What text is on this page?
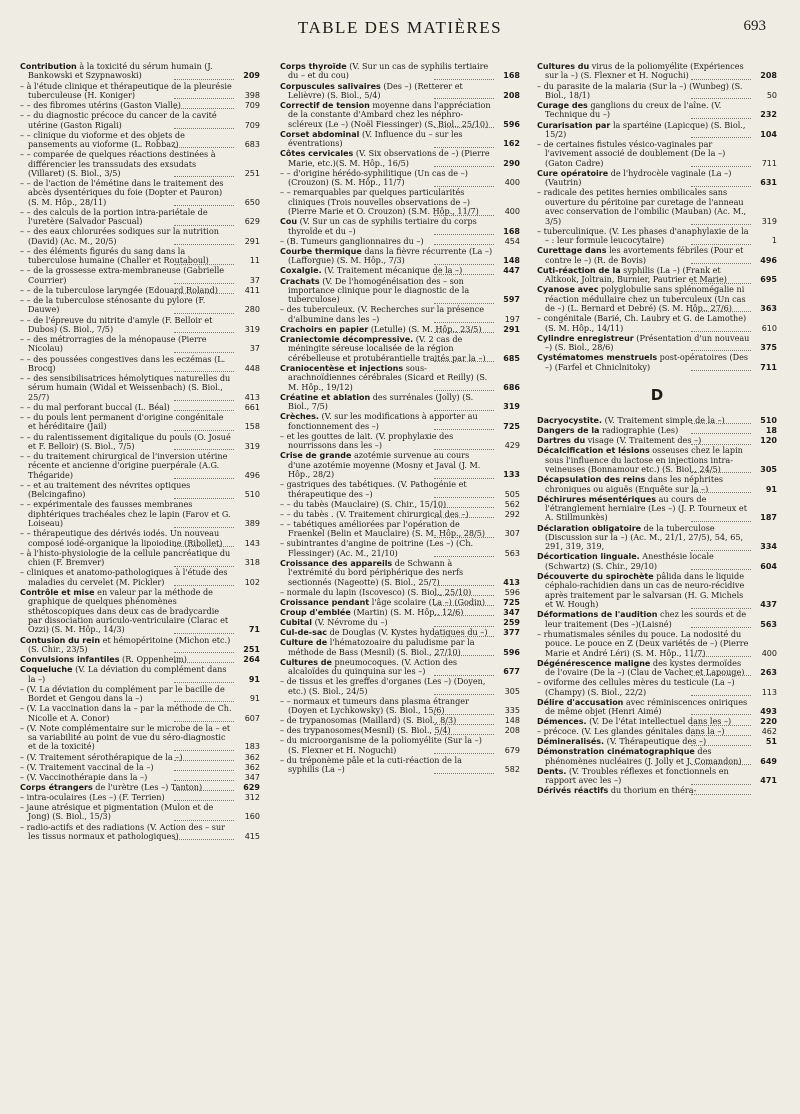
TABLE DES MATIÈRES	693
Contribution à la toxicité du sérum humain (J. Bankowski et Szypnawoski)	209
– à l'étude clinique et thérapeutique de la pleurésie tuberculeuse (H. Koniger)	398
– – des fibromes utérins (Gaston Vialle)	709
– – du diagnostic précoce du cancer de la cavité utérine (Gaston Rigali)	709
– – clinique du vioforme et des objets de pansements au vioforme (L. Robbaz)	683
– – comparée de quelques réactions destinées à différencier les transsudats des exsudats (Villaret) (S. Biol., 3/5)	251
– – de l'action de l'émétine dans le traitement des abcès dysentériques du foie (Dopter et Pauron) (S. M. Hôp., 28/11)	650
– – des calculs de la portion intra-pariétale de l'uretère (Salvador Pascual)	629
– – des eaux chlorurées sodiques sur la nutrition (David) (Ac. M., 20/5)	291
– – des éléments figurés du sang dans la tuberculose humaine (Challer et Routaboul)	11
– – de la grossesse extra-membraneuse (Gabrielle Courrier)	37
– – de la tuberculose laryngée (Edouard Roland)	411
– – de la tuberculose sténosante du pylore (F. Dauwe)	280
– – de l'épreuve du nitrite d'amyle (F. Belloir et Dubos) (S. Biol., 7/5)	319
– – des métrorragies de la ménopause (Pierre Nicolau)	37
– – des poussées congestives dans les eczémas (L. Brocq)	448
– – des sensibilisatrices hémolytiques naturelles du sérum humain (Widal et Weissenbach) (S. Biol., 25/7)	413
– – du mal perforant buccal (L. Béal)	661
– – du pouls lent permanent d'origine congénitale et héréditaire (Jail)	158
– – du ralentissement digitalique du pouls (O. Josué et F. Belloir) (S. Biol., 7/5)	319
– – du traitement chirurgical de l'inversion utérine récente et ancienne d'origine puerpérale (A.G. Thégaride)	496
– – et au traitement des névrites optiques (Belcingafino)	510
– – expérimentale des fausses membranes diphtériques trachéales chez le lapin (Farov et G. Loiseau)	389
– – thérapeutique des dérivés iodés. Un nouveau composé iodé-organique la lipoiodine (Ribollet)	143
– à l'histo-physiologie de la cellule pancréatique du chien (F. Bremver)	318
– cliniques et anatomo-pathologiques à l'étude des maladies du cervelet (M. Pickler)	102
Contrôle et mise en valeur par la méthode de graphique de quelques phénomènes sthétoscopiques dans deux cas de bradycardie par dissociation auriculo-ventriculaire (Clarac et Ozzi) (S. M. Hôp., 14/3)	71
Contusion du rein et hémopéritoine (Michon etc.) (S. Chir., 23/5)	251
Convulsions infantiles (R. Oppenheim)	264
Coqueluche (V. La déviation du complément dans la –)	91
– (V. La déviation du complément par le bacille de Bordet et Gengou dans la –)	91
– (V. La vaccination dans la – par la méthode de Ch. Nicolle et A. Conor)	607
– (V. Note complémentaire sur le microbe de la – et sa variabilité au point de vue du séro-diagnostic et de la toxicité)	183
– (V. Traitement sérothérapique de la –)	362
– (V. Traitement vaccinal de la –)	362
– (V. Vaccinothérapie dans la –)	347
Corps étrangers de l'urètre (Les –) Tanton)	629
– intra-oculaires (Les –) (F. Terrien)	312
– jaune atrésique et pigmentation (Mulon et de Jong) (S. Biol., 15/3)	160
– radio-actifs et des radiations (V. Action des – sur les tissus normaux et pathologiques)	415
Corps thyroïde (V. Sur un cas de syphilis tertiaire du – et du cou)	168
Corpuscules salivaires (Des –) (Retterer et Lelièvre) (S. Biol., 5/4)	208
Correctif de tension moyenne dans l'appréciation de la constante d'Ambard chez les néphro-scléreux (Le –) (Noël Fiessinger) (S. Biol., 25/10)	596
Corset abdominal (V. Influence du – sur les éventrations)	162
Côtes cervicales (V. Six observations de –) (Pierre Marie, etc.)(S. M. Hôp., 16/5)	290
– – d'origine hérédo-syphilitique (Un cas de –) (Crouzon) (S. M. Hôp., 11/7)	400
– – remarquables par quelques particularités cliniques (Trois nouvelles observations de –) (Pierre Marie et O. Crouzon) (S.M. Hôp., 11/7)	400
Cou (V. Sur un cas de syphilis tertiaire du corps thyroïde et du –)	168
– (B. Tumeurs ganglionnaires du –)	454
Courbe thermique dans la fièvre récurrente (La –) (Lafforgue) (S. M. Hôp., 7/3)	148
Coxalgie. (V. Traitement mécanique de la –)	447
Crachats (V. De l'homogénéisation des – son importance clinique pour le diagnostic de la tuberculose)	597
– des tuberculeux. (V. Recherches sur la présence d'albumine dans les –)	197
Crachoirs en papier (Letulle) (S. M. Hôp., 23/5)	291
Craniectomie décompressive. (V. 2 cas de méningite séreuse localisée de la région cérébelleuse et protubérantielle traités par la –)	685
Craniocentèse et injections sous-arachnoïdiennes cérébrales (Sicard et Reilly) (S. M. Hôp., 19/12)	686
Créatine et ablation des surrénales (Jolly) (S. Biol., 7/5)	319
Crèches. (V. sur les modifications à apporter au fonctionnement des –)	725
– et les gouttes de lait. (V. prophylaxie des nourrissons dans les –)	429
Crise de grande azotémie survenue au cours d'une azotémie moyenne (Mosny et Javal (J. M. Hôp., 28/2)	133
– gastriques des tabétiques. (V. Pathogénie et thérapeutique des –)	505
– – du tabès (Mauclaire) (S. Chir., 15/10)	562
– – du tabès . (V. Traitement chirurgical des –)	292
– – tabétiques améliorées par l'opération de Fraenkel (Belin et Mauclaire) (S. M. Hôp., 28/5)	307
– subintrantes d'angine de poitrine (Les –) (Ch. Flessinger) (Ac. M., 21/10)	563
Croissance des appareils de Schwann à l'extrémité du bord périphérique des nerfs sectionnés (Nageotte) (S. Biol., 25/7)	413
– normale du lapin (Iscovesco) (S. Biol., 25/10)	596
Croissance pendant l'âge scolaire (La –) (Godin)	725
Croup d'emblée (Martin) (S. M. Hôp., 12/6)	347
Cubital (V. Névrome du –)	259
Cul-de-sac de Douglas (V. Kystes hydatiques du –)	377
Culture de l'hématozoaire du paludisme par la méthode de Bass (Mesnil) (S. Biol., 27/10)	596
Cultures de pneumocoques. (V. Action des alcaloïdes du quinquina sur les –)	677
– de tissus et les greffes d'organes (Les –) (Doyen, etc.) (S. Biol., 24/5)	305
– – normaux et tumeurs dans plasma étranger (Doyen et Lychkowsky) (S. Biol., 15/6)	335
– de trypanosomas (Maillard) (S. Biol., 8/3)	148
– des trypanosomes(Mesnil) (S. Biol., 5/4)	208
– du microorganisme de la poliomyélite (Sur la –) (S. Flexner et H. Noguchi)	679
– du tréponème pâle et la cuti-réaction de la syphilis (La –)	582
Cultures du virus de la poliomyélite (Expériences sur la –) (S. Flexner et H. Noguchi)	208
– du parasite de la malaria (Sur la –) (Wunbeg) (S. Biol., 18/1)	50
Curage des ganglions du creux de l'aîne. (V. Technique du –)	232
Curarisation par la spartéine (Lapicque) (S. Biol., 15/2)	104
– de certaines fistules vésico-vaginales par l'avivement associé de doublement (De la –) (Gaton Cadre)	711
Cure opératoire de l'hydrocèle vaginale (La –) (Vautrin)	631
– radicale des petites hernies ombilicales sans ouverture du péritoine par curetage de l'anneau avec conservation de l'ombilic (Mauban) (Ac. M., 3/5)	319
– tuberculinique. (V. Les phases d'anaphylaxie de la – : leur formule leucocytaire)	1
Curettage dans les avortements fébriles (Pour et contre le –) (R. de Bovis)	496
Cuti-réaction de la syphilis (La –) (Frank et Altkook, Joltrain, Burnier, Pautrier et Marie)	695
Cyanose avec polyglobulie sans splénomégalie ni réaction médullaire chez un tuberculeux (Un cas de –) (L. Bernard et Debré) (S. M. Hôp., 27/6)	363
– congénitale (Barié, Ch. Laubry et G. de Lamothe) (S. M. Hôp., 14/11)	610
Cylindre enregistreur (Présentation d'un nouveau –) (S. Biol., 28/6)	375
Cystématomes menstruels post-opératoires (Des –) (Farfel et Chniclnitoky)	711
D
Dacryocystite. (V. Traitement simple de la –)	510
Dangers de la radiographie (Les)	18
Dartres du visage (V. Traitement des –)	120
Décalcification et lésions osseuses chez le lapin sous l'influence du lactose en injections intra-veineuses (Bonnamour etc.) (S. Biol., 24/5)	305
Décapsulation des reins dans les néphrites chroniques ou aiguës (Enquête sur la –)	91
Déchirures mésentériques au cours de l'étranglement herniaire (Les –) (J. P. Tourneux et A. Stillmunkès)	187
Déclaration obligatoire de la tuberculose (Discussion sur la –) (Ac. M., 21/1, 27/5), 54, 65, 291, 319, 319,	334
Décortication linguale. Anesthésie locale (Schwartz) (S. Chir., 29/10)	604
Découverte du spirochète pâlida dans le liquide céphalo-rachidien dans un cas de neuro-récidive après traitement par le salvarsan (H. G. Michels et W. Hough)	437
Déformations de l'audition chez les sourds et de leur traitement (Des –)(Laisné)	563
– rhumatismales séniles du pouce. La nodosité du pouce. Le pouce en Z (Deux variétés de –) (Pierre Marie et André Léri) (S. M. Hôp., 11/7)	400
Dégénérescence maligne des kystes dermoïdes de l'ovaire (De la –) (Clau de Vacher et Lapouge)	263
– oviforme des cellules mères du testicule (La –) (Champy) (S. Biol., 22/2)	113
Délire d'accusation avec réminiscences oniriques de même objet (Henri Aimé)	493
Démences. (V. De l'état intellectuel dans les –)	220
– précoce. (V. Les glandes génitales dans la –)	462
Démineralisés. (V. Thérapeutique des –)	51
Démonstration cinématographique des phénomènes nucléaires (J. Jolly et J. Comandon)	649
Dents. (V. Troubles réflexes et fonctionnels en rapport avec les –)	471
Dérivés réactifs du thorium en théra-
